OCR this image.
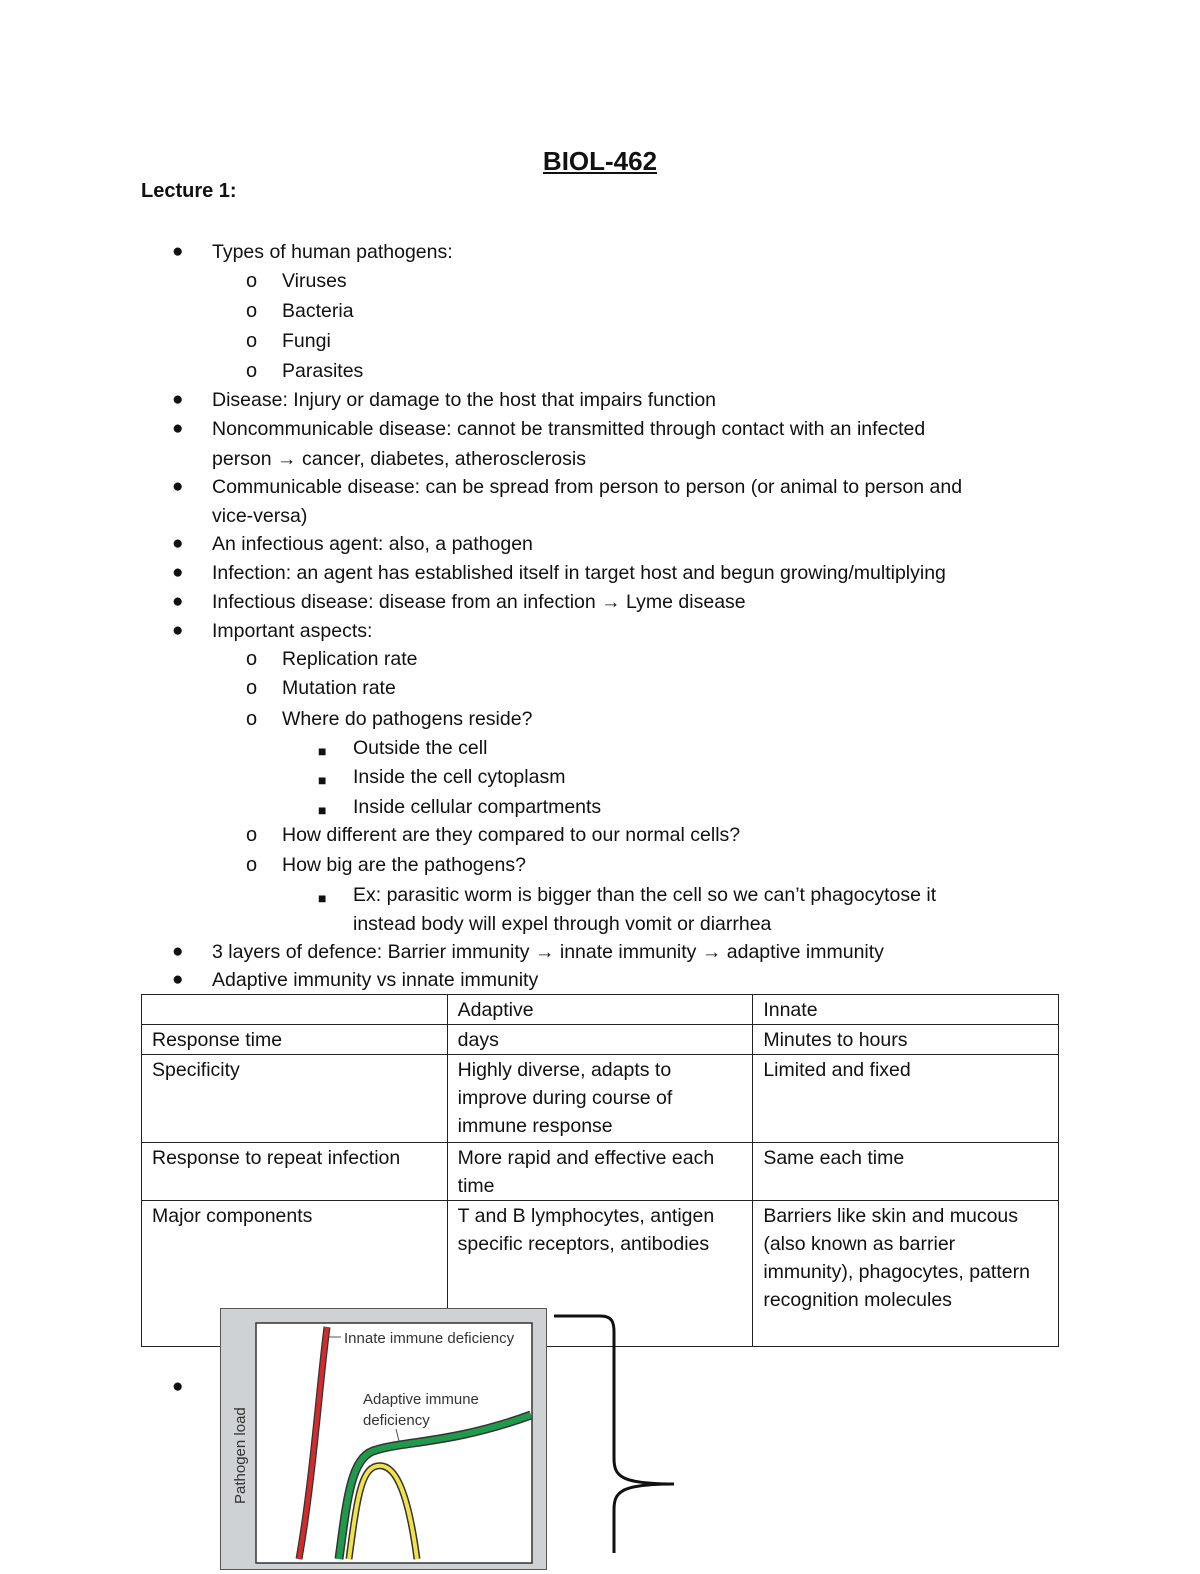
BIOL-462
Lecture 1:
● Types of human pathogens:
o Viruses
o Bacteria
o Fungi
o Parasites
● Disease: Injury or damage to the host that impairs function
● Noncommunicable disease: cannot be transmitted through contact with an infected
person → cancer, diabetes, atherosclerosis
● Communicable disease: can be spread from person to person (or animal to person and
vice-versa)
● An infectious agent: also, a pathogen
● Infection: an agent has established itself in target host and begun growing/multiplying
● Infectious disease: disease from an infection → Lyme disease
● Important aspects:
o Replication rate
o Mutation rate
o Where do pathogens reside?
■ Outside the cell
■ Inside the cell cytoplasm
■ Inside cellular compartments
o How different are they compared to our normal cells?
o How big are the pathogens?
■ Ex: parasitic worm is bigger than the cell so we can’t phagocytose it
instead body will expel through vomit or diarrhea
● 3 layers of defence: Barrier immunity → innate immunity → adaptive immunity
● Adaptive immunity vs innate immunity
	Adaptive	Innate
Response time	days	Minutes to hours
Specificity	Highly diverse, adapts to improve during course of immune response	Limited and fixed
Response to repeat infection	More rapid and effective each time	Same each time
Major components	T and B lymphocytes, antigen specific receptors, antibodies	Barriers like skin and mucous (also known as barrier immunity), phagocytes, pattern recognition molecules
●
Pathogen load
Innate immune deficiency
Adaptive immune
deficiency
